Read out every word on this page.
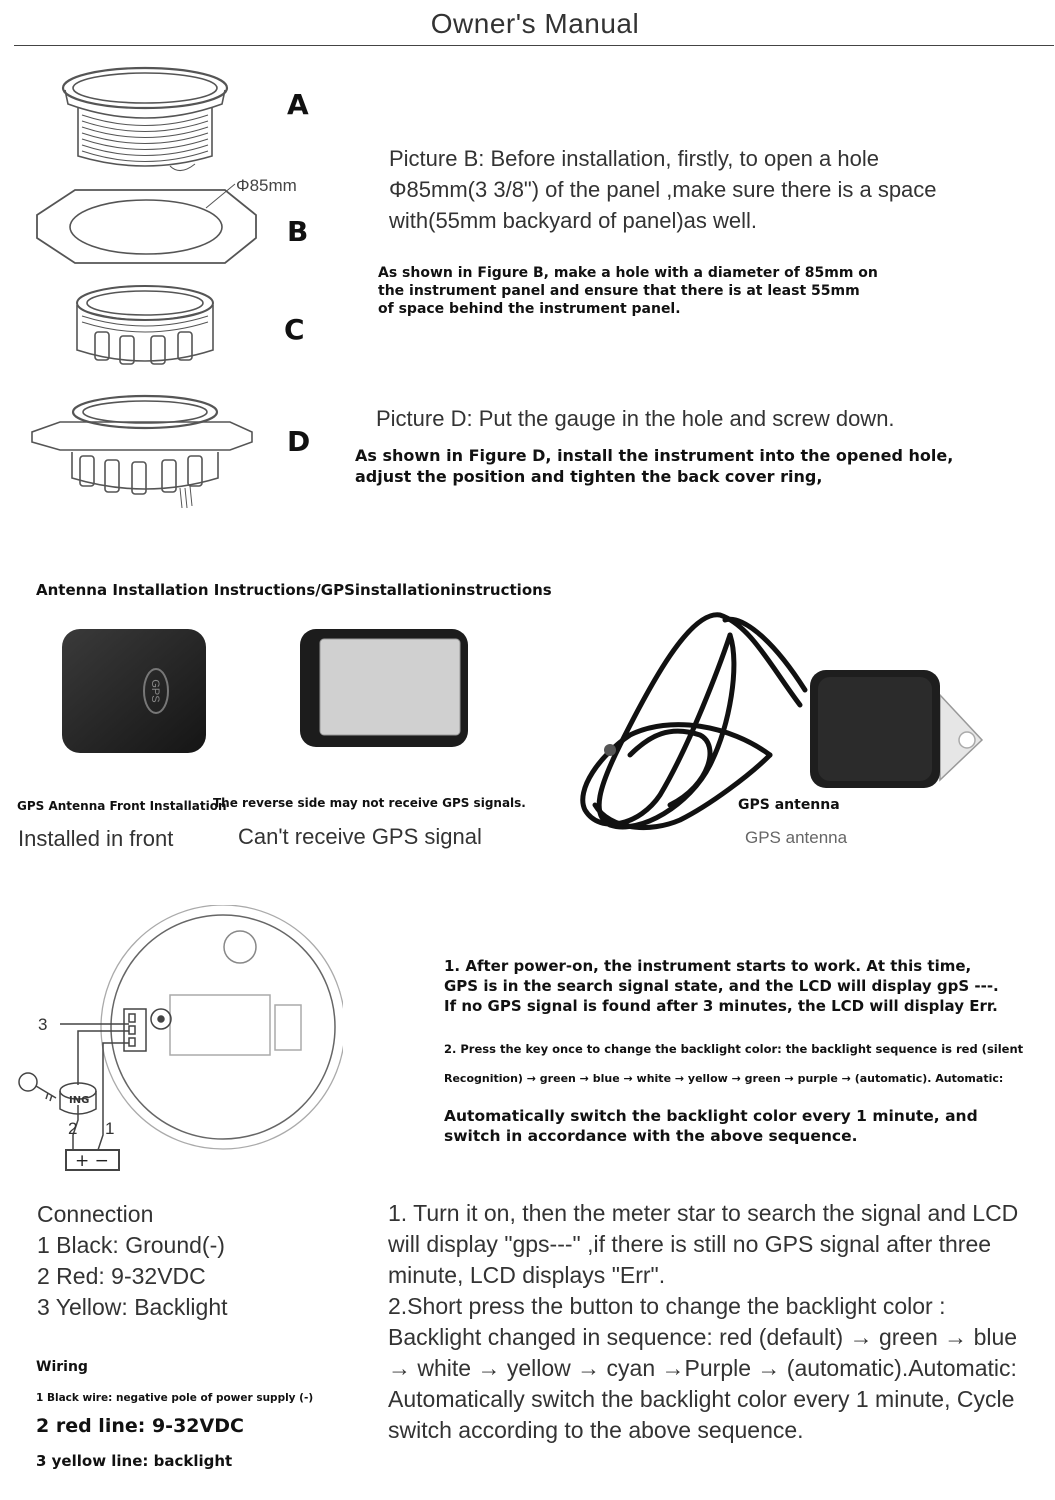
Owner's Manual
A
Φ85mm
B
C
D
Picture B: Before installation, firstly, to open a hole Φ85mm(3 3/8") of the panel ,make sure there is a space with(55mm backyard of panel)as well.
As shown in Figure B, make a hole with a diameter of 85mm on the instrument panel and ensure that there is at least 55mm of space behind the instrument panel.
Picture D: Put the gauge in the hole and screw down.
As shown in Figure D, install the instrument into the opened hole, adjust the position and tighten the back cover ring,
Antenna Installation Instructions/GPSinstallationinstructions
GPS
GPS Antenna Front Installation
The reverse side may not receive GPS signals.
Installed in front	Can't receive GPS signal
GPS antenna
GPS antenna
3
2 1
ING
+ −
1. After power-on, the instrument starts to work. At this time, GPS is in the search signal state, and the LCD will display gpS ---. If no GPS signal is found after 3 minutes, the LCD will display Err.
2. Press the key once to change the backlight color: the backlight sequence is red (silent
Recognition) → green → blue → white → yellow → green → purple → (automatic). Automatic:
Automatically switch the backlight color every 1 minute, and switch in accordance with the above sequence.
Connection
1 Black: Ground(-)
2 Red: 9-32VDC
3 Yellow: Backlight
Wiring
1 Black wire: negative pole of power supply (-)
2 red line: 9-32VDC
3 yellow line: backlight
1. Turn it on, then the meter star to search the signal and LCD will display "gps---" ,if there is still no GPS signal after three minute, LCD displays "Err".
2.Short press the button to change the backlight color : Backlight changed in sequence: red (default) → green → blue → white → yellow → cyan →Purple → (automatic).Automatic: Automatically switch the backlight color every 1 minute, Cycle switch according to the above sequence.
